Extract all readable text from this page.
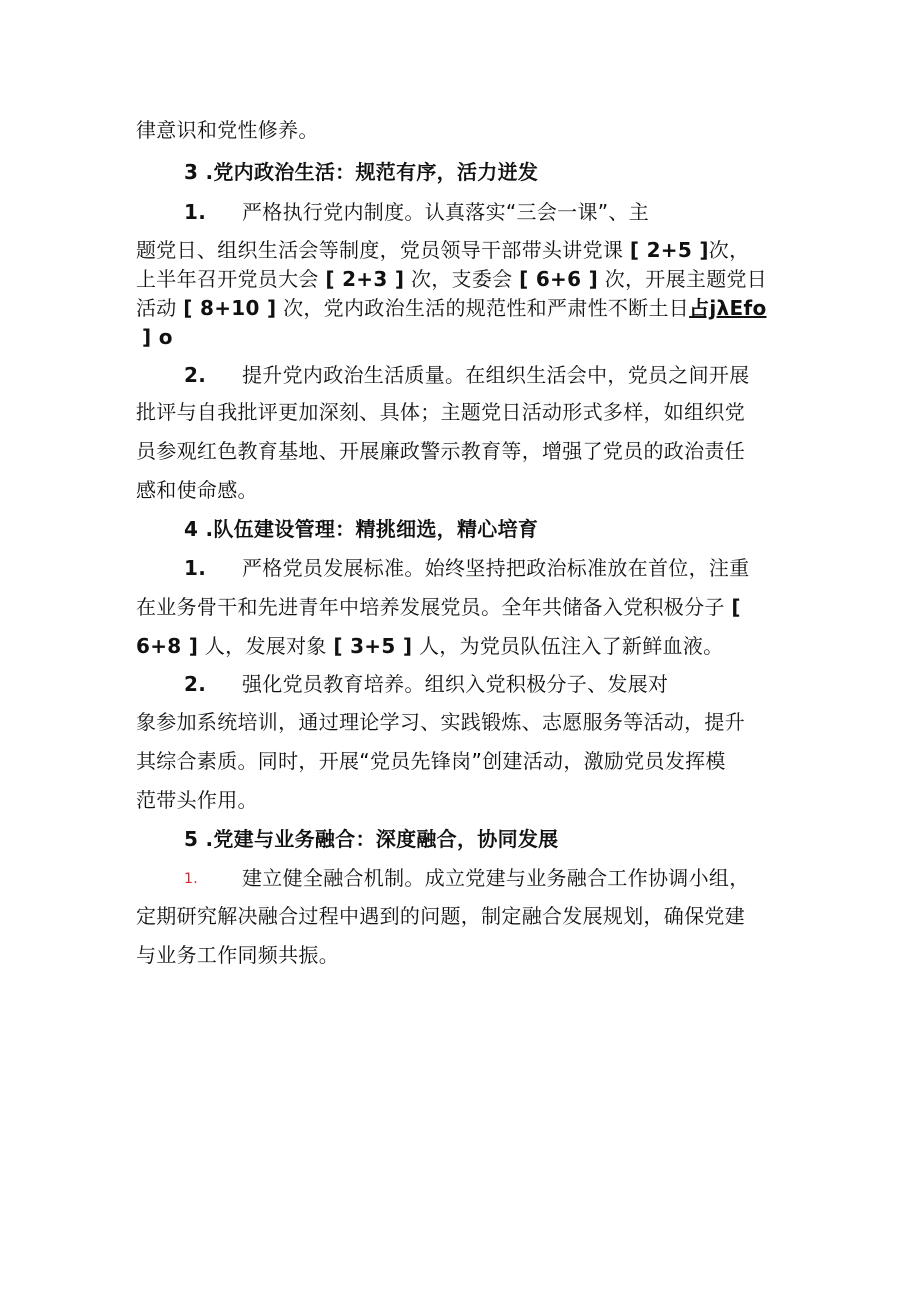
律意识和党性修养。
3 .党内政治生活：规范有序，活力迸发
1. 严格执行党内制度。认真落实“三会一课”、主
题党日、组织生活会等制度，党员领导干部带头讲党课 [ 2+5 ]次，
上半年召开党员大会 [ 2+3 ] 次，支委会 [ 6+6 ] 次，开展主题党日
活动 [ 8+10 ] 次，党内政治生活的规范性和严肃性不断土日占jλEfo
] o
2. 提升党内政治生活质量。在组织生活会中，党员之间开展
批评与自我批评更加深刻、具体；主题党日活动形式多样，如组织党
员参观红色教育基地、开展廉政警示教育等，增强了党员的政治责任
感和使命感。
4 .队伍建设管理：精挑细选，精心培育
1. 严格党员发展标准。始终坚持把政治标准放在首位，注重
在业务骨干和先进青年中培养发展党员。全年共储备入党积极分子 [
6+8 ] 人，发展对象 [ 3+5 ] 人，为党员队伍注入了新鲜血液。
2. 强化党员教育培养。组织入党积极分子、发展对
象参加系统培训，通过理论学习、实践锻炼、志愿服务等活动，提升
其综合素质。同时，开展“党员先锋岗”创建活动，激励党员发挥模
范带头作用。
5 .党建与业务融合：深度融合，协同发展
1. 建立健全融合机制。成立党建与业务融合工作协调小组，
定期研究解决融合过程中遇到的问题，制定融合发展规划，确保党建
与业务工作同频共振。
